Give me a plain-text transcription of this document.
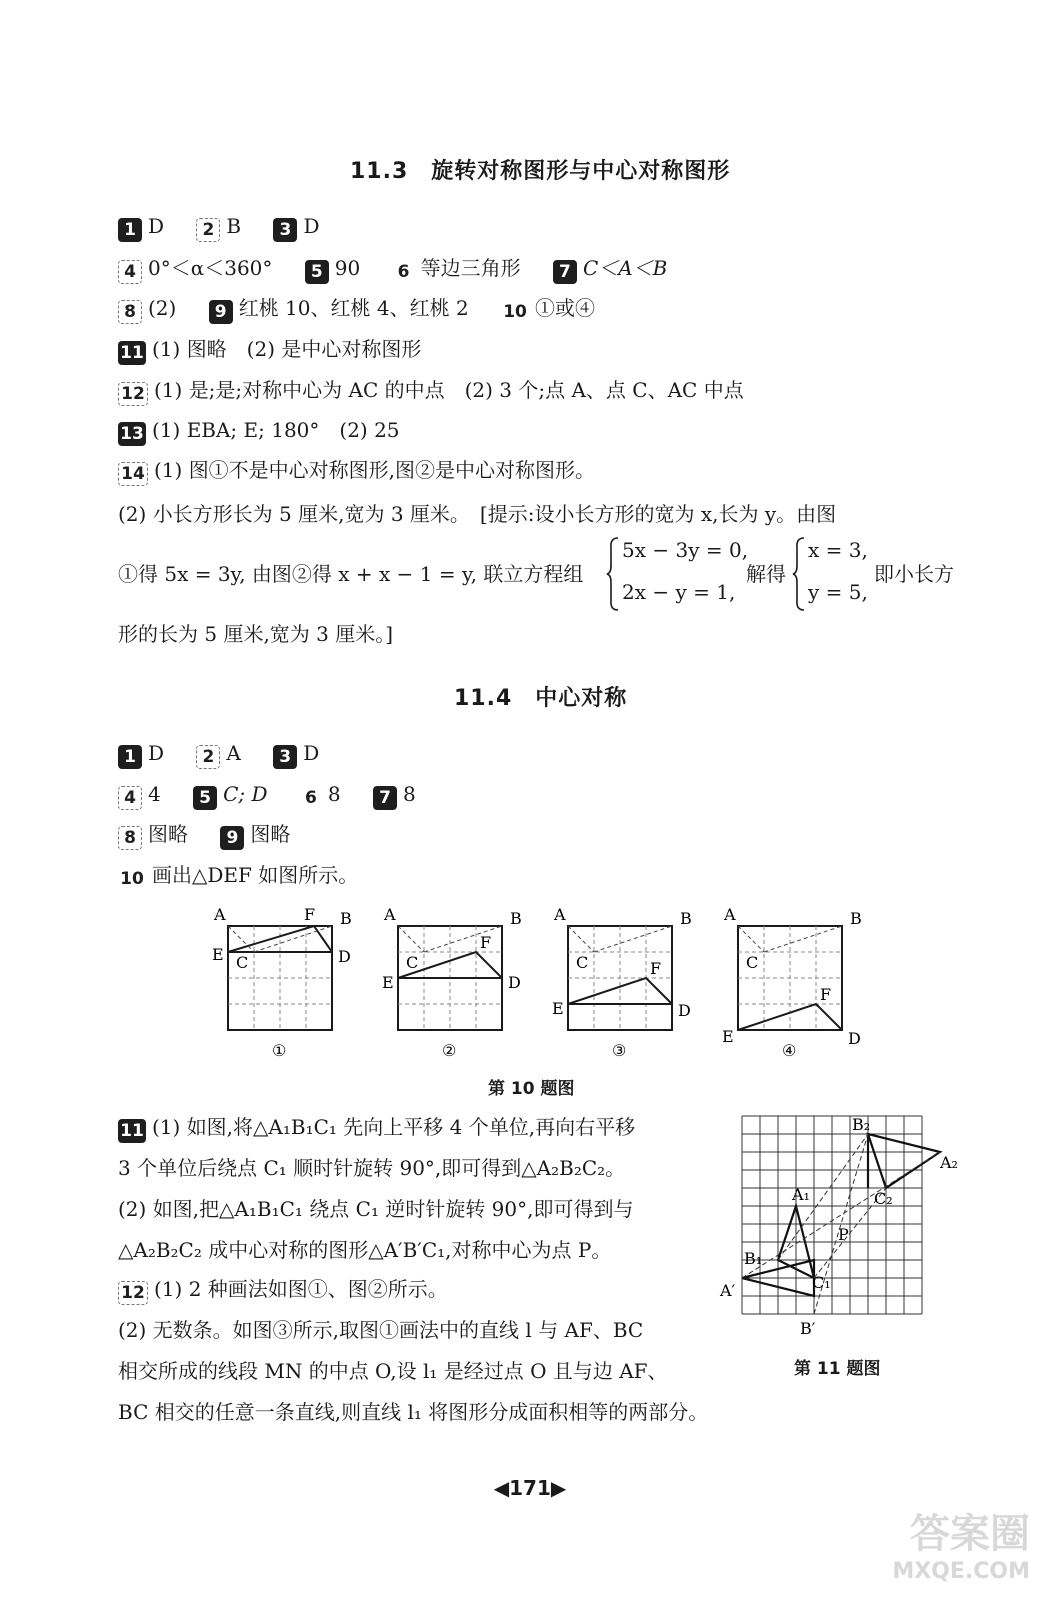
11.3　旋转对称图形与中心对称图形
1 D 2 B 3 D
4 0°＜α＜360° 5 90 6 等边三角形 7 C＜A＜B
8 (2) 9 红桃 10、红桃 4、红桃 2 10 ①或④
11 (1) 图略　(2) 是中心对称图形
12 (1) 是;是;对称中心为 AC 的中点　(2) 3 个;点 A、点 C、AC 中点
13 (1) EBA; E; 180°　(2) 25
14 (1) 图①不是中心对称图形,图②是中心对称图形。
(2) 小长方形长为 5 厘米,宽为 3 厘米。　[提示:设小长方形的宽为 x,长为 y。由图
①得 5x = 3y, 由图②得 x + x − 1 = y, 联立方程组
5x − 3y = 0,
2x − y = 1,
解得
x = 3,
y = 5,
即小长方
形的长为 5 厘米,宽为 3 厘米。]
11.4　中心对称
1 D 2 A 3 D
4 4 5 C; D 6 8 7 8
8 图略 9 图略
10 画出△DEF 如图所示。
A	F B
E C	D
①
A	B
F
C
E	D
②
A	B
C	F
E	D
③
A	B
C
F
E	D
④
第 10 题图
11 (1) 如图,将△A₁B₁C₁ 先向上平移 4 个单位,再向右平移
3 个单位后绕点 C₁ 顺时针旋转 90°,即可得到△A₂B₂C₂。
(2) 如图,把△A₁B₁C₁ 绕点 C₁ 逆时针旋转 90°,即可得到与
△A₂B₂C₂ 成中心对称的图形△A′B′C₁,对称中心为点 P。
12 (1) 2 种画法如图①、图②所示。
(2) 无数条。如图③所示,取图①画法中的直线 l 与 AF、BC
相交所成的线段 MN 的中点 O,设 l₁ 是经过点 O 且与边 AF、
BC 相交的任意一条直线,则直线 l₁ 将图形分成面积相等的两部分。
B₂
A₂
A₁	C₂
P
B₁
C₁
A′
B′
第 11 题图
◀171▶
答案圈
MXQE.COM
